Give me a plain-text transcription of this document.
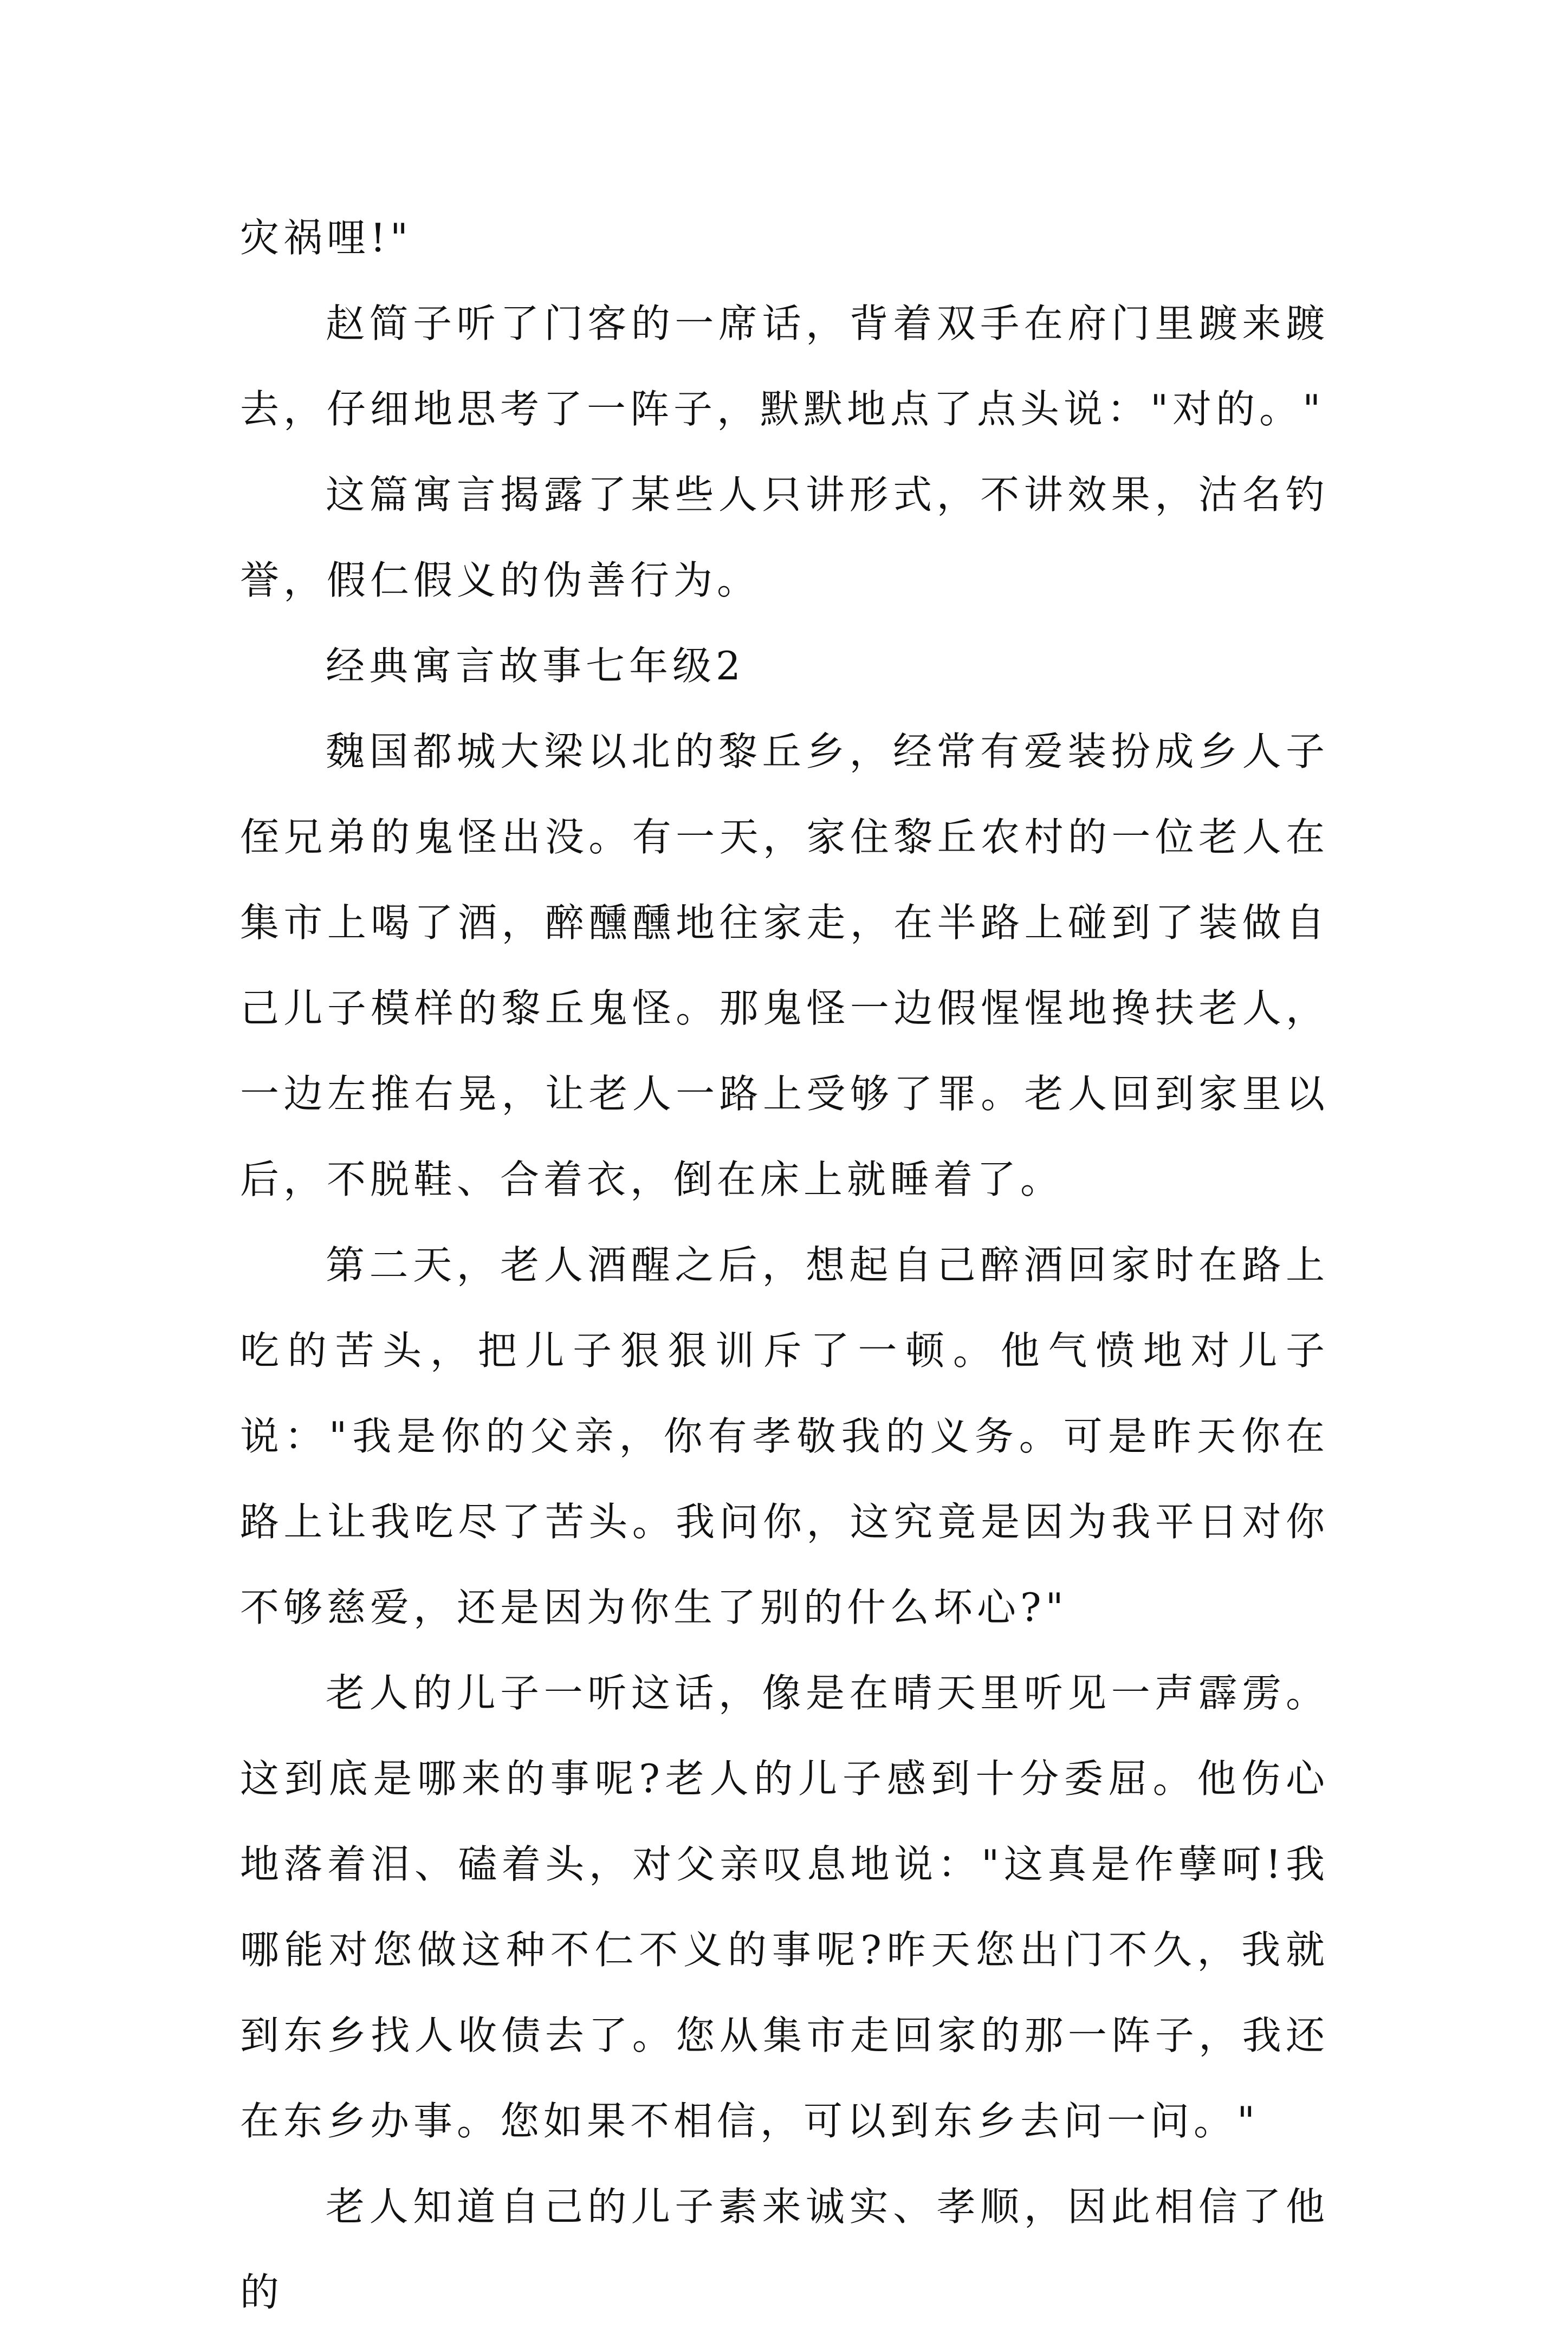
灾祸哩!"

赵简子听了门客的一席话，背着双手在府门里踱来踱去，仔细地思考了一阵子，默默地点了点头说："对的。"

这篇寓言揭露了某些人只讲形式，不讲效果，沽名钓誉，假仁假义的伪善行为。

经典寓言故事七年级2

魏国都城大梁以北的黎丘乡，经常有爱装扮成乡人子侄兄弟的鬼怪出没。有一天，家住黎丘农村的一位老人在集市上喝了酒，醉醺醺地往家走，在半路上碰到了装做自己儿子模样的黎丘鬼怪。那鬼怪一边假惺惺地搀扶老人，一边左推右晃，让老人一路上受够了罪。老人回到家里以后，不脱鞋、合着衣，倒在床上就睡着了。

第二天，老人酒醒之后，想起自己醉酒回家时在路上吃的苦头，把儿子狠狠训斥了一顿。他气愤地对儿子说："我是你的父亲，你有孝敬我的义务。可是昨天你在路上让我吃尽了苦头。我问你，这究竟是因为我平日对你不够慈爱，还是因为你生了别的什么坏心?"

老人的儿子一听这话，像是在晴天里听见一声霹雳。这到底是哪来的事呢?老人的儿子感到十分委屈。他伤心地落着泪、磕着头，对父亲叹息地说："这真是作孽呵!我哪能对您做这种不仁不义的事呢?昨天您出门不久，我就到东乡找人收债去了。您从集市走回家的那一阵子，我还在东乡办事。您如果不相信，可以到东乡去问一问。"

老人知道自己的儿子素来诚实、孝顺，因此相信了他的
